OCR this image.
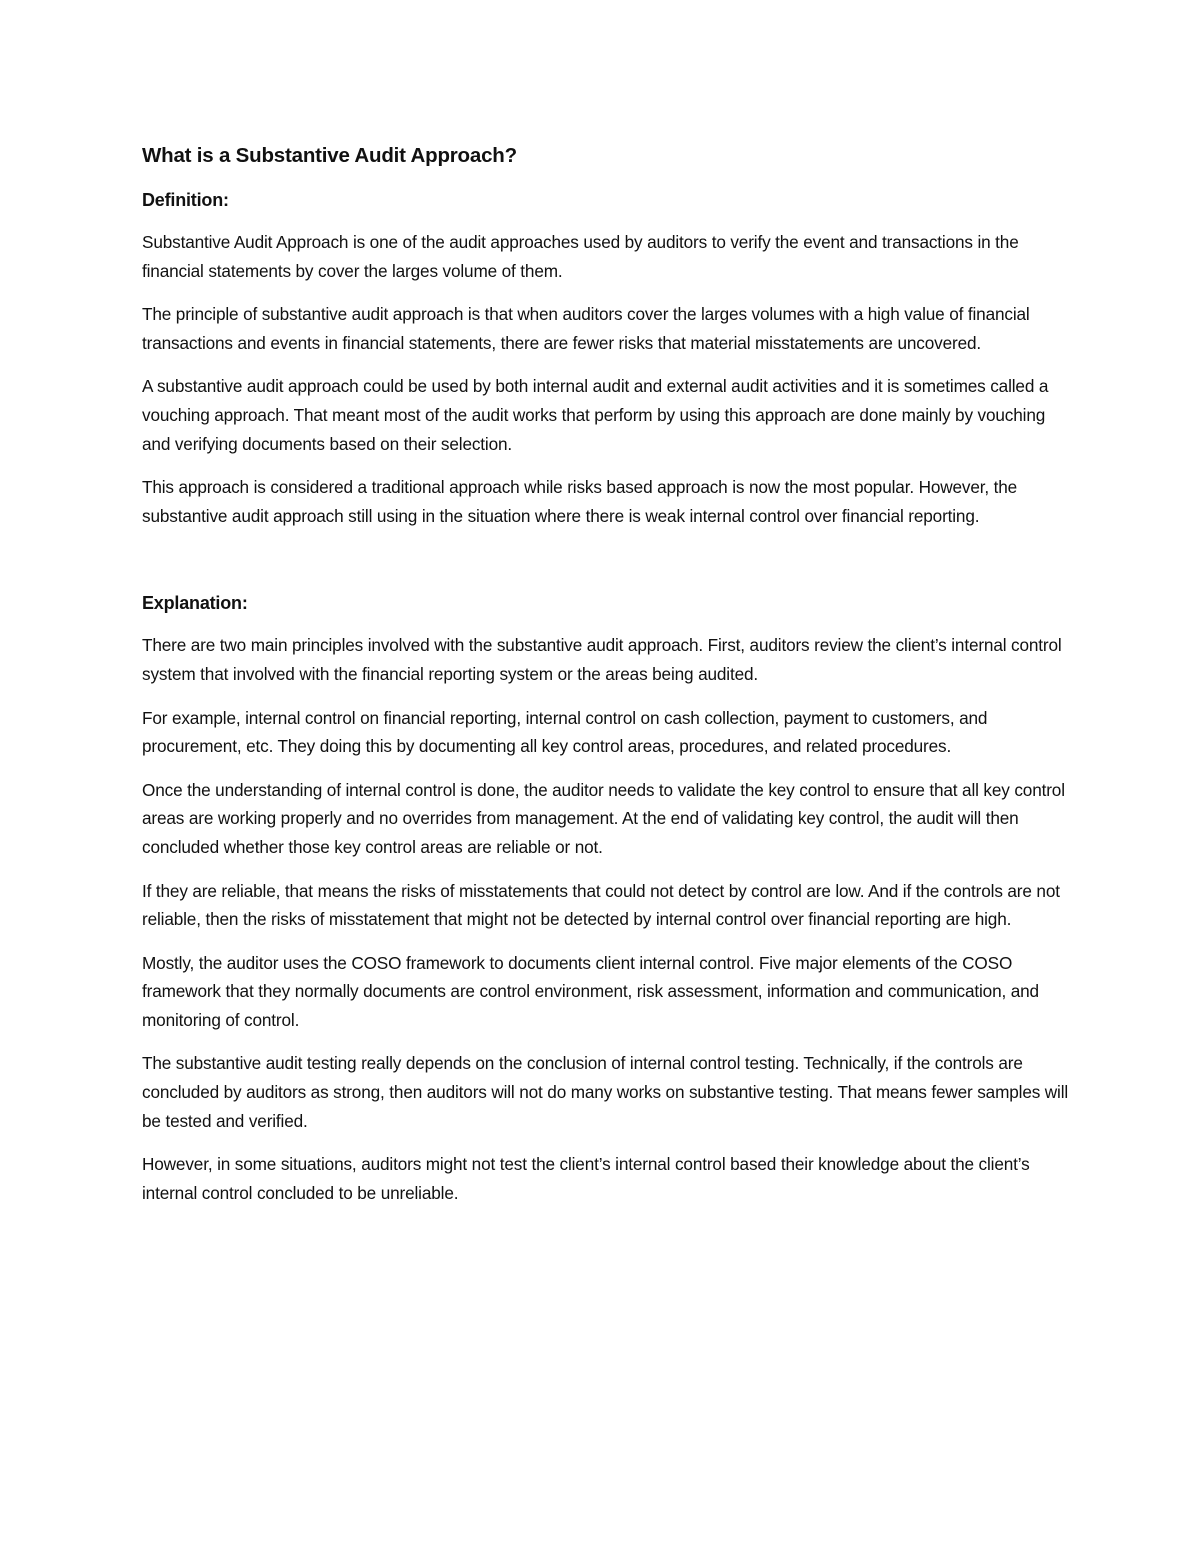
What is a Substantive Audit Approach?
Definition:

Substantive Audit Approach is one of the audit approaches used by auditors to verify the event and transactions in the financial statements by cover the larges volume of them.

The principle of substantive audit approach is that when auditors cover the larges volumes with a high value of financial transactions and events in financial statements, there are fewer risks that material misstatements are uncovered.

A substantive audit approach could be used by both internal audit and external audit activities and it is sometimes called a vouching approach. That meant most of the audit works that perform by using this approach are done mainly by vouching and verifying documents based on their selection.

This approach is considered a traditional approach while risks based approach is now the most popular. However, the substantive audit approach still using in the situation where there is weak internal control over financial reporting.

Explanation:

There are two main principles involved with the substantive audit approach. First, auditors review the client’s internal control system that involved with the financial reporting system or the areas being audited.

For example, internal control on financial reporting, internal control on cash collection, payment to customers, and procurement, etc. They doing this by documenting all key control areas, procedures, and related procedures.

Once the understanding of internal control is done, the auditor needs to validate the key control to ensure that all key control areas are working properly and no overrides from management. At the end of validating key control, the audit will then concluded whether those key control areas are reliable or not.

If they are reliable, that means the risks of misstatements that could not detect by control are low. And if the controls are not reliable, then the risks of misstatement that might not be detected by internal control over financial reporting are high.

Mostly, the auditor uses the COSO framework to documents client internal control. Five major elements of the COSO framework that they normally documents are control environment, risk assessment, information and communication, and monitoring of control.

The substantive audit testing really depends on the conclusion of internal control testing. Technically, if the controls are concluded by auditors as strong, then auditors will not do many works on substantive testing. That means fewer samples will be tested and verified.

However, in some situations, auditors might not test the client’s internal control based their knowledge about the client’s internal control concluded to be unreliable.
